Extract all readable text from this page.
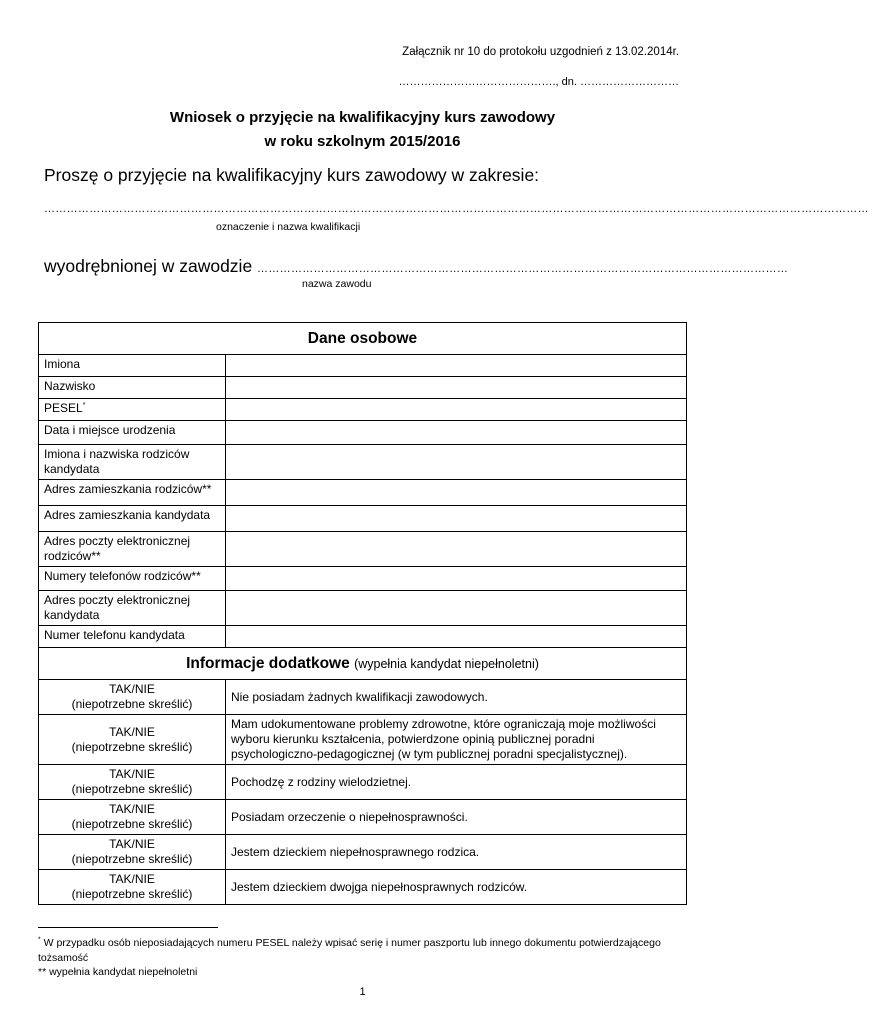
Załącznik nr 10 do protokołu uzgodnień z 13.02.2014r.
……………………………………., dn. ………………………
Wniosek o przyjęcie na kwalifikacyjny kurs zawodowy
w roku szkolnym 2015/2016
Proszę o przyjęcie na kwalifikacyjny kurs zawodowy w zakresie:
…………………………………………………………………………………………………………………………………………………………………………………………………
oznaczenie i nazwa kwalifikacji
wyodrębnionej w zawodzie ……………………………………………………………………………………………………………………………
nazwa zawodu
Dane osobowe	
Imiona	
Nazwisko	
PESEL*	
Data i miejsce urodzenia	
Imiona i nazwiska rodziców kandydata	
Adres zamieszkania rodziców**	
Adres zamieszkania kandydata	
Adres poczty elektronicznej rodziców**	
Numery telefonów rodziców**	
Adres poczty elektronicznej kandydata	
Numer telefonu kandydata	
Informacje dodatkowe (wypełnia kandydat niepełnoletni)	

TAK/NIE
(niepotrzebne skreślić)	Nie posiadam żadnych kwalifikacji zawodowych.

TAK/NIE
(niepotrzebne skreślić)	Mam udokumentowane problemy zdrowotne, które ograniczają moje możliwości wyboru kierunku kształcenia, potwierdzone opinią publicznej poradni psychologiczno-pedagogicznej (w tym publicznej poradni specjalistycznej).

TAK/NIE
(niepotrzebne skreślić)	Pochodzę z rodziny wielodzietnej.

TAK/NIE
(niepotrzebne skreślić)	Posiadam orzeczenie o niepełnosprawności.

TAK/NIE
(niepotrzebne skreślić)	Jestem dzieckiem niepełnosprawnego rodzica.

TAK/NIE
(niepotrzebne skreślić)	Jestem dzieckiem dwojga niepełnosprawnych rodziców.
* W przypadku osób nieposiadających numeru PESEL należy wpisać serię i numer paszportu lub innego dokumentu potwierdzającego tożsamość
** wypełnia kandydat niepełnoletni
1
